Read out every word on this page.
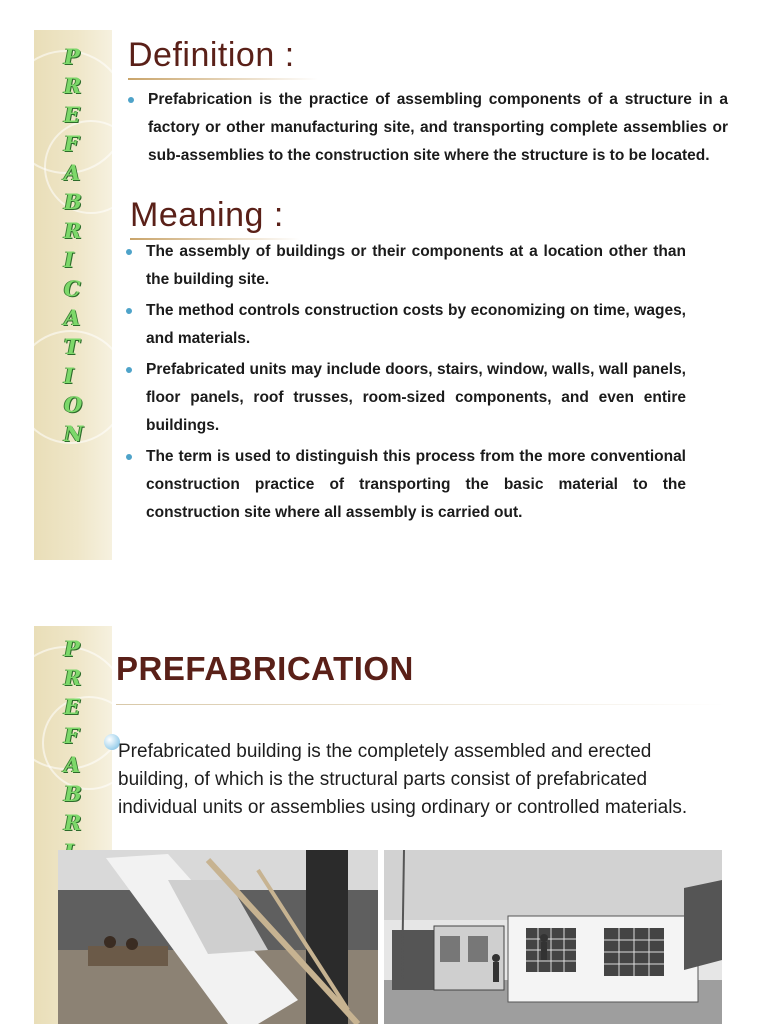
P
R
E
F
A
B
R
I
C
A
T
I
O
N
Definition :
Prefabrication is the practice of assembling components of a structure in a factory or other manufacturing site, and transporting complete assemblies or sub-assemblies to the construction site where the structure is to be located.
Meaning :
The assembly of buildings or their components at a location other than the building site.
The method controls construction costs by economizing on time, wages, and materials.
Prefabricated units may include doors, stairs, window, walls, wall panels, floor panels, roof trusses, room-sized components, and even entire buildings.
The term is used to distinguish this process from the more conventional construction practice of transporting the basic material to the construction site where all assembly is carried out.
P
R
E
F
A
B
R
PREFABRICATION

Prefabricated building is the completely assembled and erected building, of which is the structural parts consist of prefabricated individual units or assemblies using ordinary or controlled materials.
